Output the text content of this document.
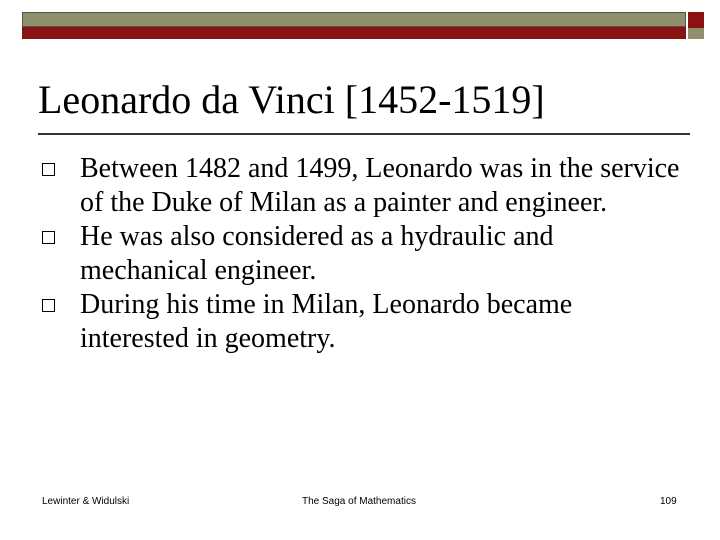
Leonardo da Vinci [1452-1519]
Between 1482 and 1499, Leonardo was in the service of the Duke of Milan as a painter and engineer.
He was also considered as a hydraulic and mechanical engineer.
During his time in Milan, Leonardo became interested in geometry.
Lewinter & Widulski	The Saga of Mathematics	109
